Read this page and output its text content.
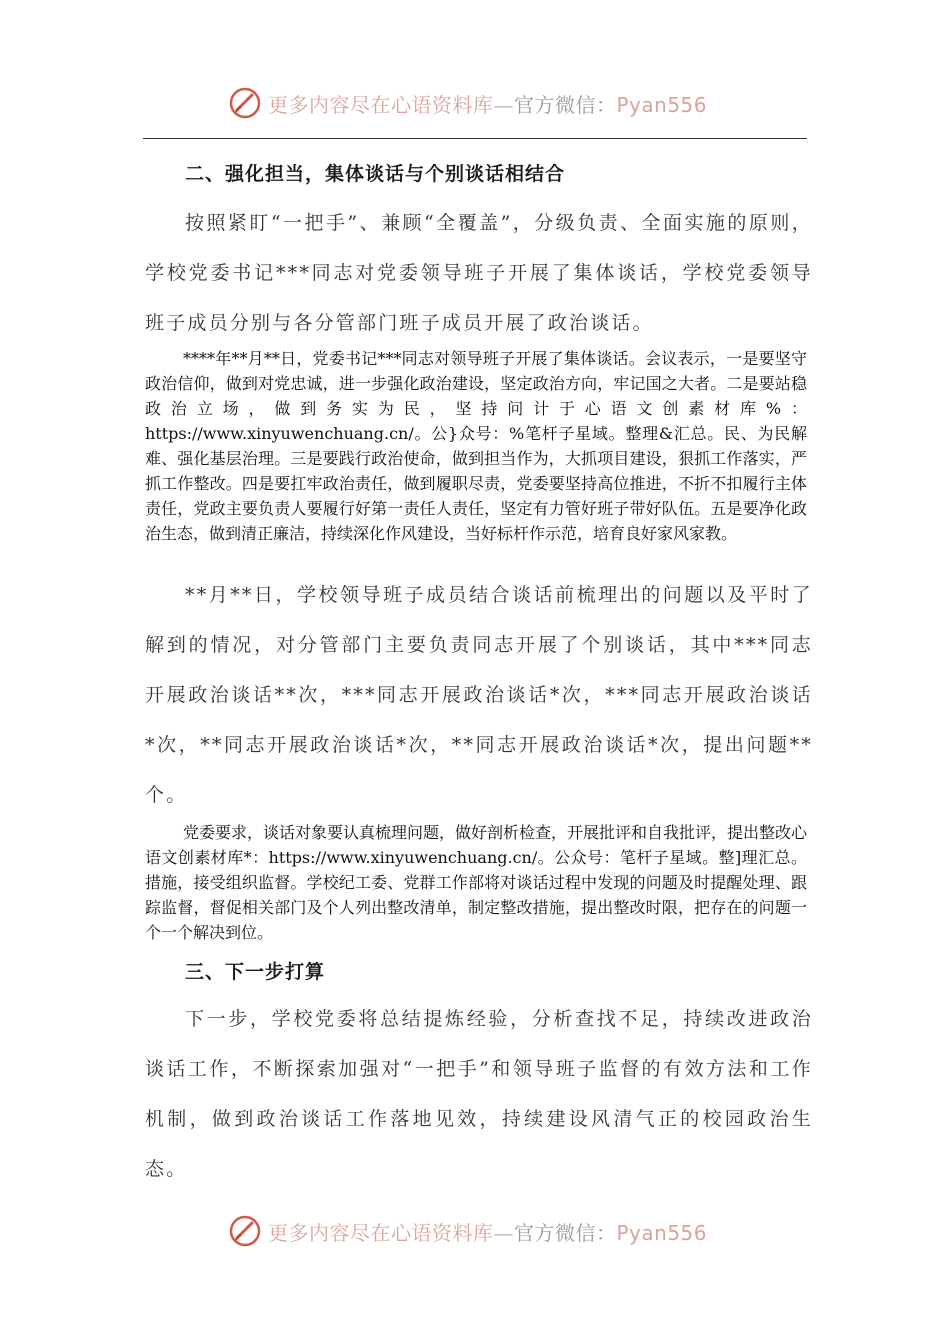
更多内容尽在心语资料库—官方微信：Pyan556
二、强化担当，集体谈话与个别谈话相结合

按照紧盯“一把手”、兼顾“全覆盖”，分级负责、全面实施的原则，学校党委书记***同志对党委领导班子开展了集体谈话，学校党委领导班子成员分别与各分管部门班子成员开展了政治谈话。

****年**月**日，党委书记***同志对领导班子开展了集体谈话。会议表示，一是要坚守政治信仰，做到对党忠诚，进一步强化政治建设，坚定政治方向，牢记国之大者。二是要站稳政治立场，做到务实为民，坚持问计于心语文创素材库%：https://www.xinyuwenchuang.cn/。公}众号：%笔杆子星域。整理&汇总。民、为民解难、强化基层治理。三是要践行政治使命，做到担当作为，大抓项目建设，狠抓工作落实，严抓工作整改。四是要扛牢政治责任，做到履职尽责，党委要坚持高位推进，不折不扣履行主体责任，党政主要负责人要履行好第一责任人责任，坚定有力管好班子带好队伍。五是要净化政治生态，做到清正廉洁，持续深化作风建设，当好标杆作示范，培育良好家风家教。

**月**日，学校领导班子成员结合谈话前梳理出的问题以及平时了解到的情况，对分管部门主要负责同志开展了个别谈话，其中***同志开展政治谈话**次，***同志开展政治谈话*次，***同志开展政治谈话*次，**同志开展政治谈话*次，**同志开展政治谈话*次，提出问题**个。

党委要求，谈话对象要认真梳理问题，做好剖析检查，开展批评和自我批评，提出整改心语文创素材库*：https://www.xinyuwenchuang.cn/。公众号：笔杆子星域。整]理汇总。措施，接受组织监督。学校纪工委、党群工作部将对谈话过程中发现的问题及时提醒处理、跟踪监督，督促相关部门及个人列出整改清单，制定整改措施，提出整改时限，把存在的问题一个一个解决到位。

三、下一步打算

下一步，学校党委将总结提炼经验，分析查找不足，持续改进政治谈话工作，不断探索加强对“一把手”和领导班子监督的有效方法和工作机制，做到政治谈话工作落地见效，持续建设风清气正的校园政治生态。

更多内容尽在心语资料库—官方微信：Pyan556
